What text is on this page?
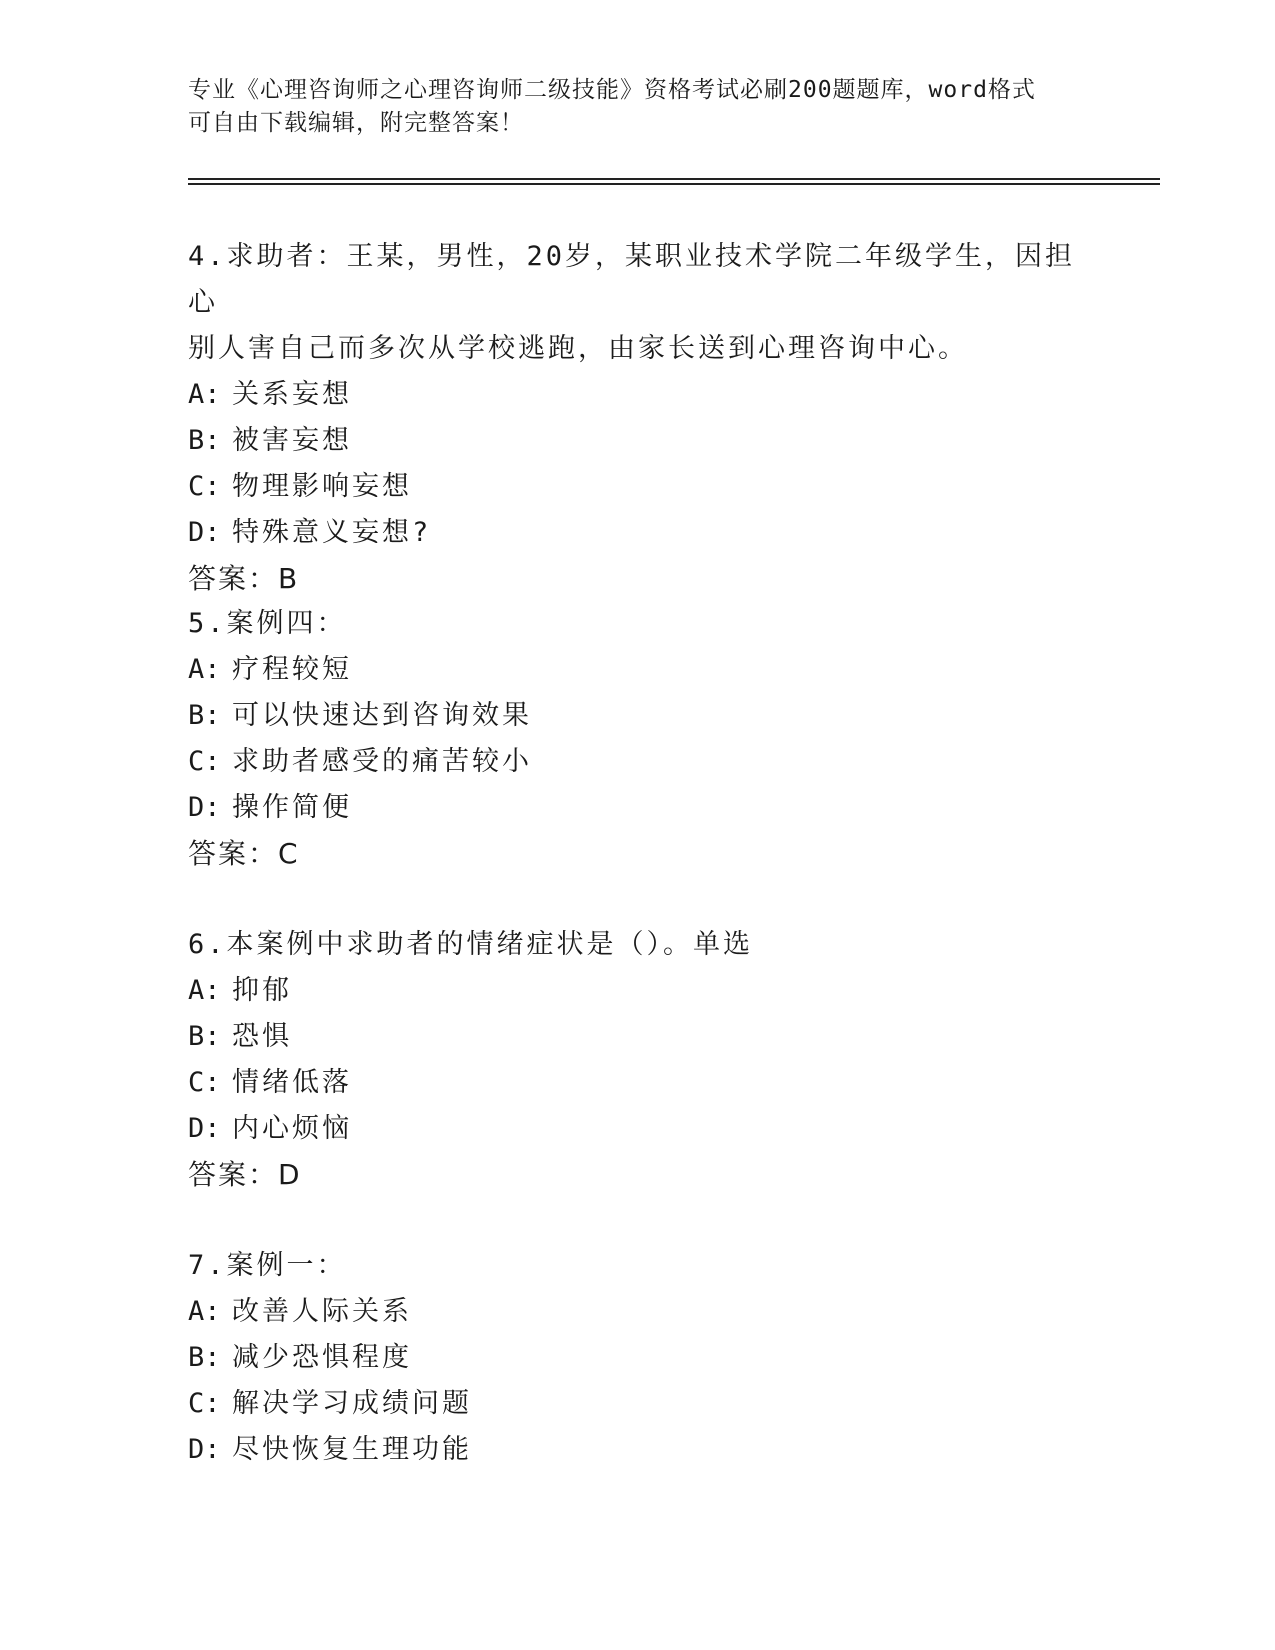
专业《心理咨询师之心理咨询师二级技能》资格考试必刷200题题库，word格式
可自由下载编辑，附完整答案！
4.求助者：王某，男性，20岁，某职业技术学院二年级学生，因担心
别人害自己而多次从学校逃跑，由家长送到心理咨询中心。
A: 关系妄想
B: 被害妄想
C: 物理影响妄想
D: 特殊意义妄想?
答案：B
5.案例四：
A: 疗程较短
B: 可以快速达到咨询效果
C: 求助者感受的痛苦较小
D: 操作简便
答案：C
6.本案例中求助者的情绪症状是（）。单选
A: 抑郁
B: 恐惧
C: 情绪低落
D: 内心烦恼
答案：D
7.案例一：
A: 改善人际关系
B: 减少恐惧程度
C: 解决学习成绩问题
D: 尽快恢复生理功能
